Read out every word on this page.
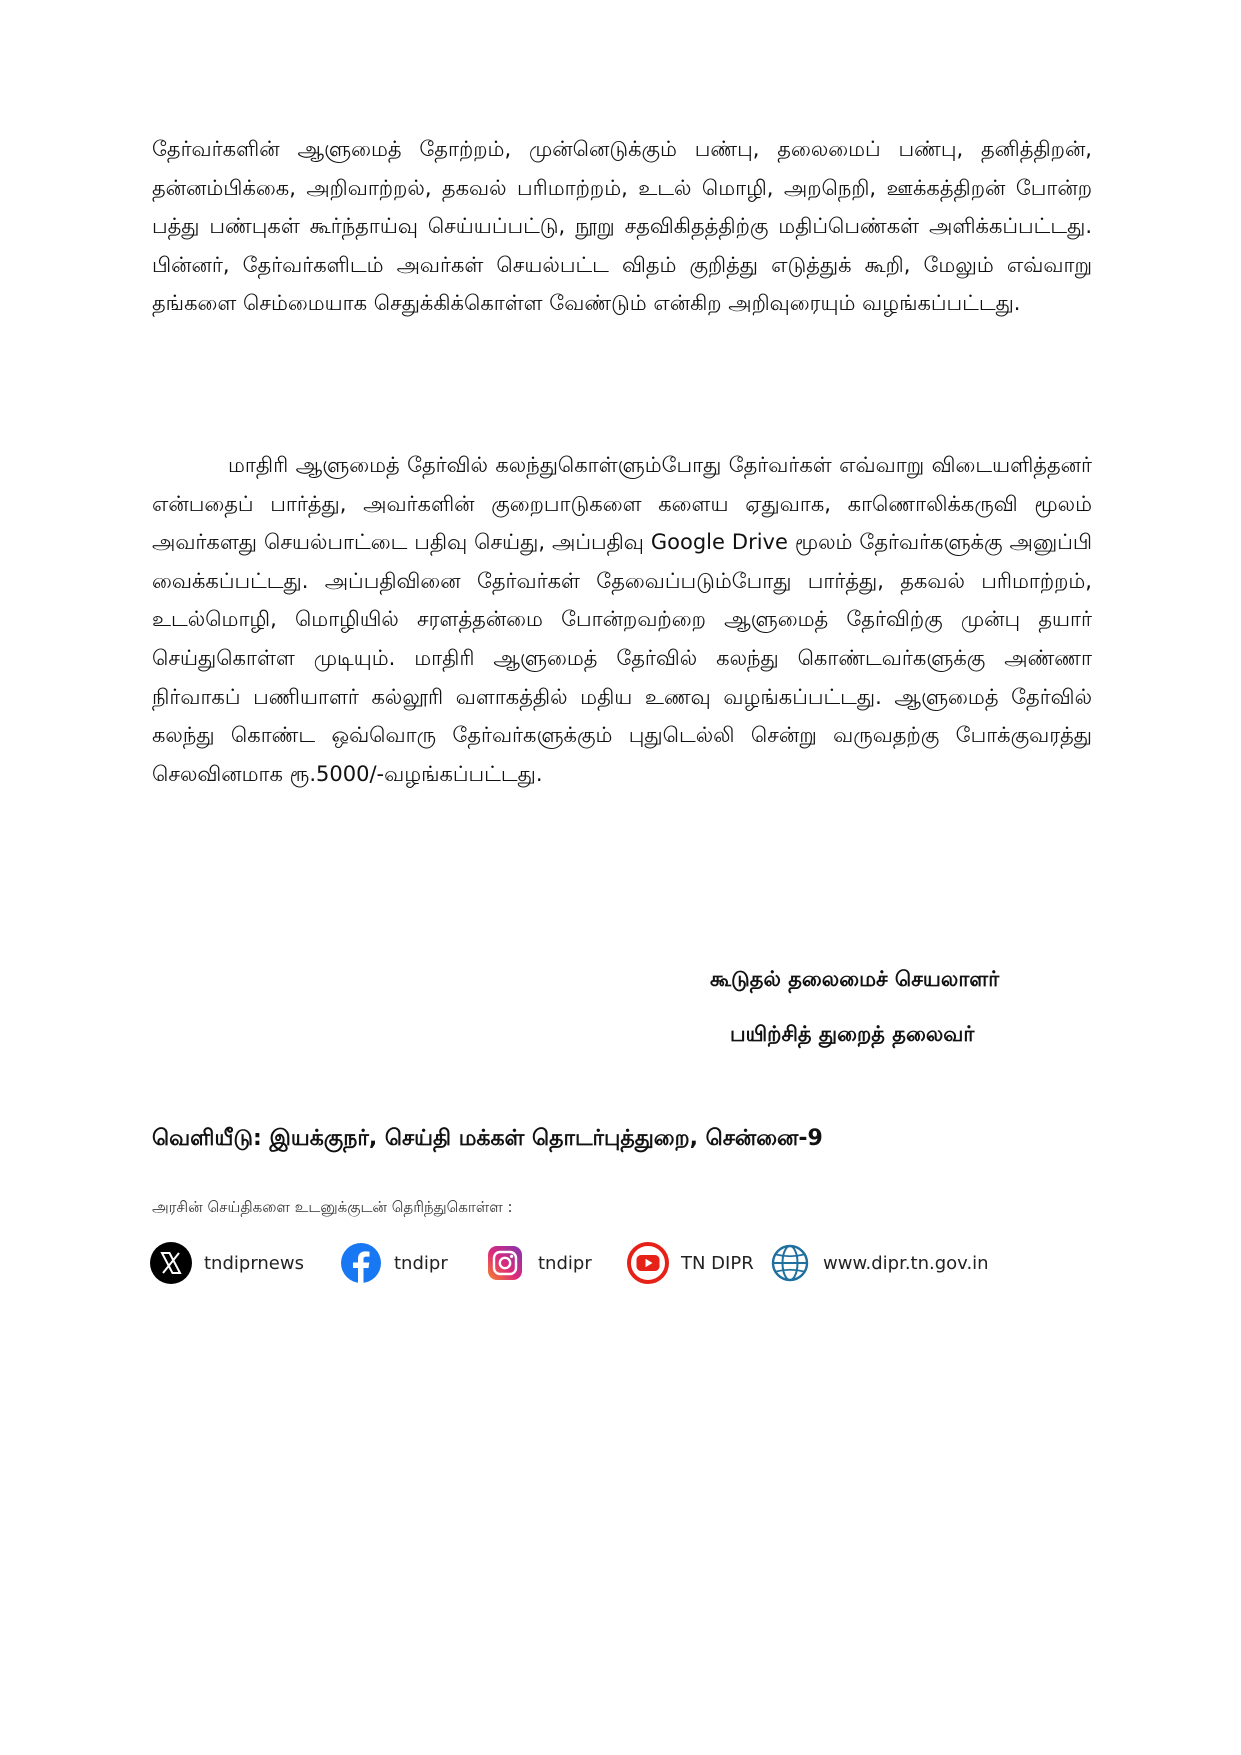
தேர்வர்களின் ஆளுமைத் தோற்றம், முன்னெடுக்கும் பண்பு, தலைமைப் பண்பு, தனித்திறன், தன்னம்பிக்கை, அறிவாற்றல், தகவல் பரிமாற்றம், உடல் மொழி, அறநெறி, ஊக்கத்திறன் போன்ற பத்து பண்புகள் கூர்ந்தாய்வு செய்யப்பட்டு, நூறு சதவிகிதத்திற்கு மதிப்பெண்கள் அளிக்கப்பட்டது. பின்னர், தேர்வர்களிடம் அவர்கள் செயல்பட்ட விதம் குறித்து எடுத்துக் கூறி, மேலும் எவ்வாறு தங்களை செம்மையாக செதுக்கிக்கொள்ள வேண்டும் என்கிற அறிவுரையும் வழங்கப்பட்டது.

மாதிரி ஆளுமைத் தேர்வில் கலந்துகொள்ளும்போது தேர்வர்கள் எவ்வாறு விடையளித்தனர் என்பதைப் பார்த்து, அவர்களின் குறைபாடுகளை களைய ஏதுவாக, காணொலிக்கருவி மூலம் அவர்களது செயல்பாட்டை பதிவு செய்து, அப்பதிவு Google Drive மூலம் தேர்வர்களுக்கு அனுப்பி வைக்கப்பட்டது. அப்பதிவினை தேர்வர்கள் தேவைப்படும்போது பார்த்து, தகவல் பரிமாற்றம், உடல்மொழி, மொழியில் சரளத்தன்மை போன்றவற்றை ஆளுமைத் தேர்விற்கு முன்பு தயார் செய்துகொள்ள முடியும். மாதிரி ஆளுமைத் தேர்வில் கலந்து கொண்டவர்களுக்கு அண்ணா நிர்வாகப் பணியாளர் கல்லூரி வளாகத்தில் மதிய உணவு வழங்கப்பட்டது. ஆளுமைத் தேர்வில் கலந்து கொண்ட ஒவ்வொரு தேர்வர்களுக்கும் புதுடெல்லி சென்று வருவதற்கு போக்குவரத்து செலவினமாக ரூ.5000/-வழங்கப்பட்டது.

கூடுதல் தலைமைச் செயலாளர்
பயிற்சித் துறைத் தலைவர்
வெளியீடு: இயக்குநர், செய்தி மக்கள் தொடர்புத்துறை, சென்னை-9
அரசின் செய்திகளை உடனுக்குடன் தெரிந்துகொள்ள :
tndiprnews	tndipr	tndipr	TN DIPR	www.dipr.tn.gov.in
